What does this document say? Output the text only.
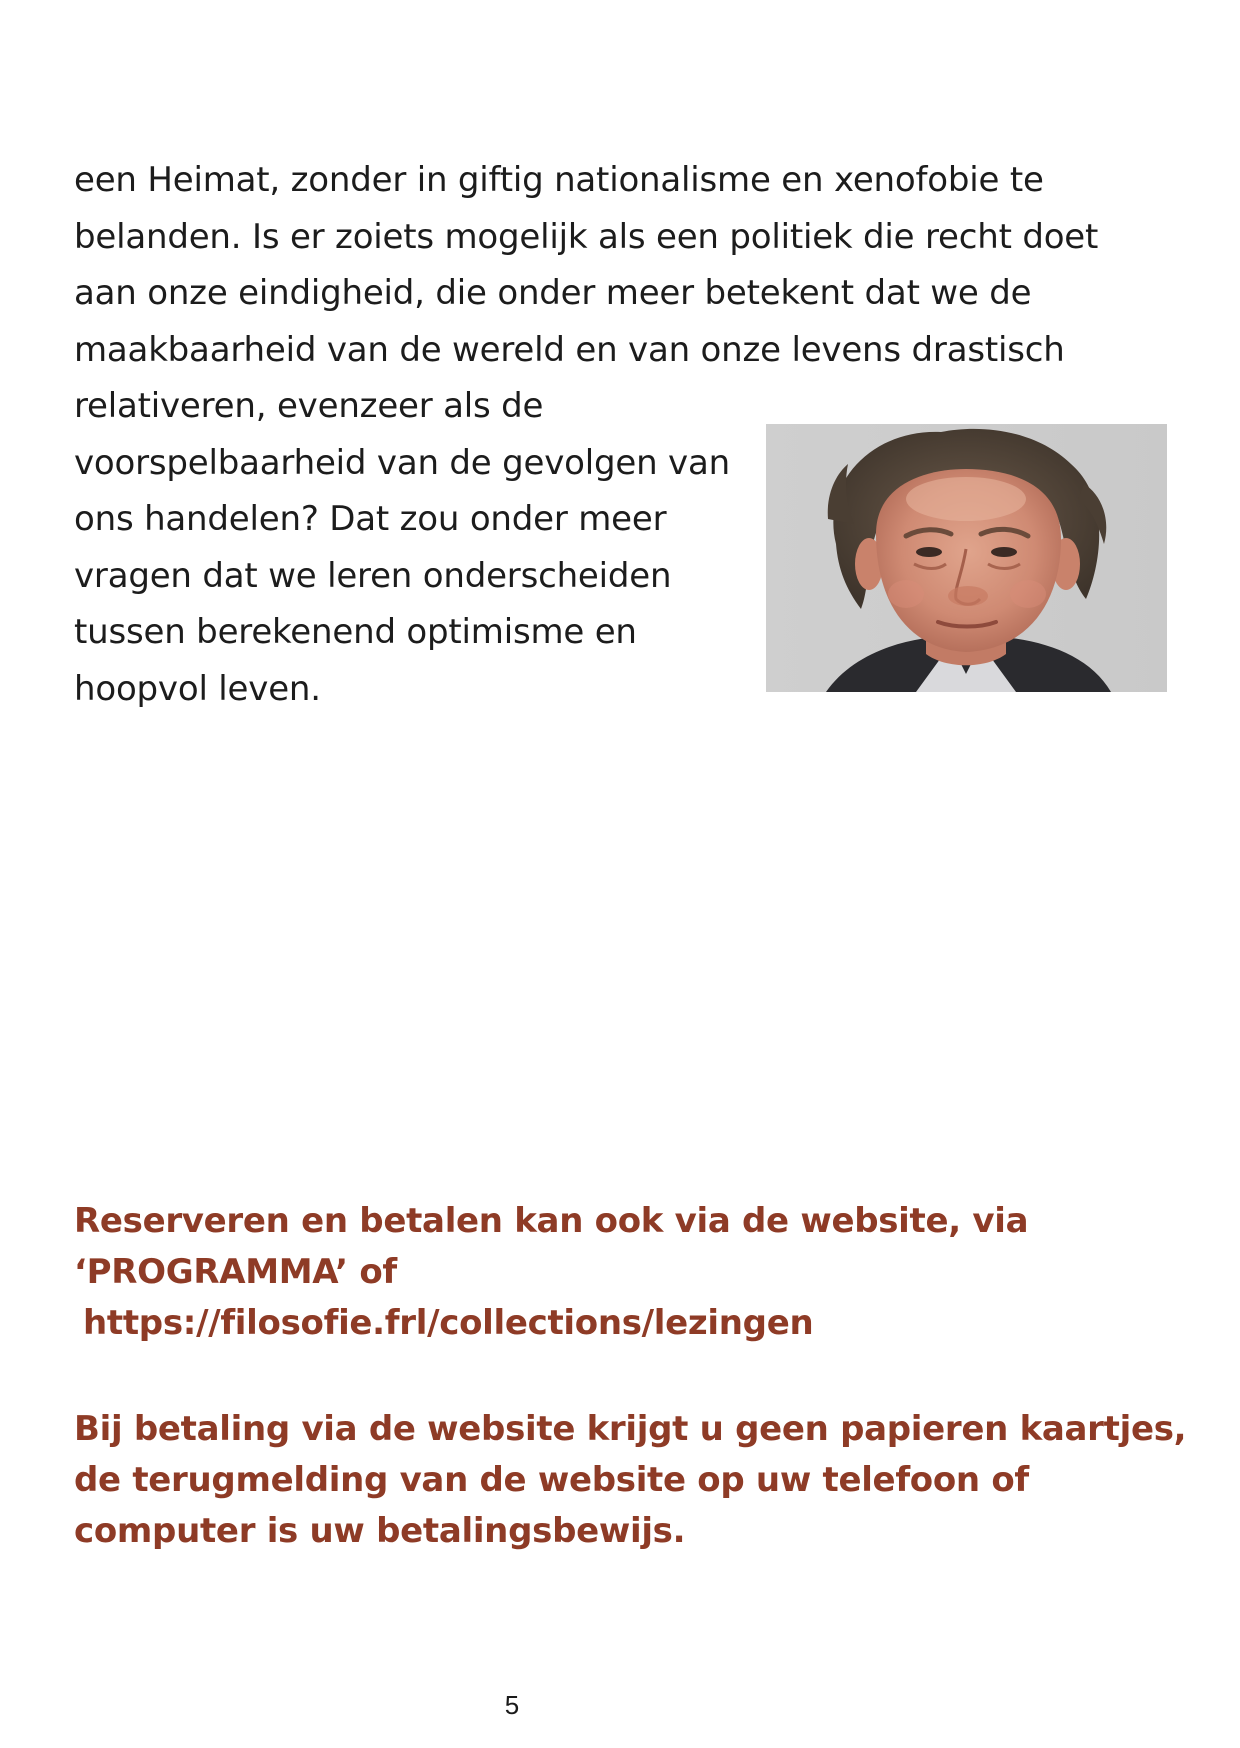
een Heimat, zonder in giftig nationalisme en xenofobie te
belanden. Is er zoiets mogelijk als een politiek die recht doet
aan onze eindigheid, die onder meer betekent dat we de
maakbaarheid van de wereld en van onze levens drastisch
relativeren, evenzeer als de
voorspelbaarheid van de gevolgen van
ons handelen? Dat zou onder meer
vragen dat we leren onderscheiden
tussen berekenend optimisme en
hoopvol leven.
Reserveren en betalen kan ook via de website, via
‘PROGRAMMA’ of
https://filosofie.frl/collections/lezingen
Bij betaling via de website krijgt u geen papieren kaartjes,
de terugmelding van de website op uw telefoon of
computer is uw betalingsbewijs.
5
